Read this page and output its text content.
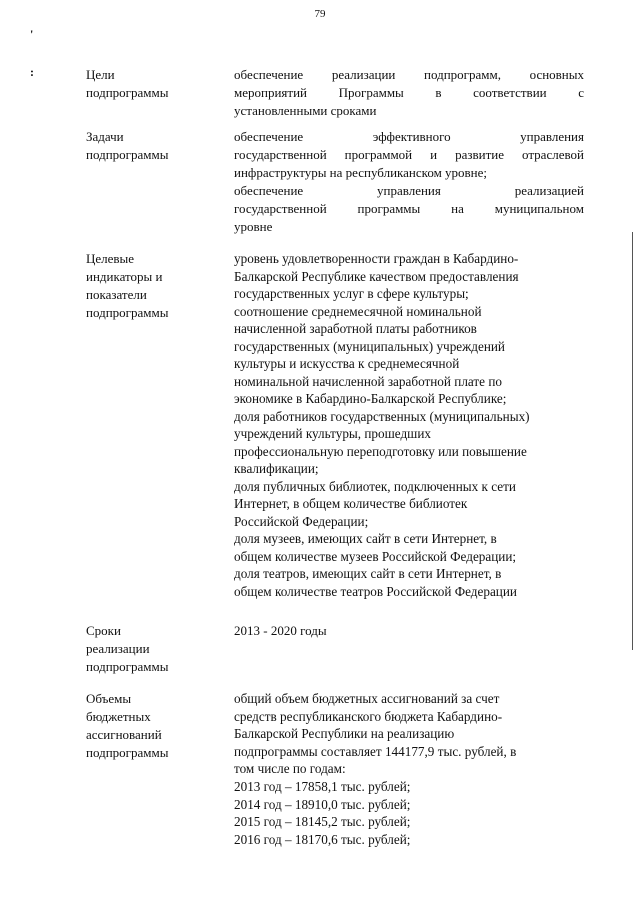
79
'
:	Цели
подпрограммы
обеспечение реализации подпрограмм, основных
мероприятий Программы в соответствии с
установленными сроками
Задачи
подпрограммы
обеспечение эффективного управления
государственной программой и развитие отраслевой
инфраструктуры на республиканском уровне;
обеспечение управления реализацией
государственной программы на муниципальном
уровне
Целевые
индикаторы и
показатели
подпрограммы
уровень удовлетворенности граждан в Кабардино-
Балкарской Республике качеством предоставления
государственных услуг в сфере культуры;
соотношение среднемесячной номинальной
начисленной заработной платы работников
государственных (муниципальных) учреждений
культуры и искусства к среднемесячной
номинальной начисленной заработной плате по
экономике в Кабардино-Балкарской Республике;
доля работников государственных (муниципальных)
учреждений культуры, прошедших
профессиональную переподготовку или повышение
квалификации;
доля публичных библиотек, подключенных к сети
Интернет, в общем количестве библиотек
Российской Федерации;
доля музеев, имеющих сайт в сети Интернет, в
общем количестве музеев Российской Федерации;
доля театров, имеющих сайт в сети Интернет, в
общем количестве театров Российской Федерации
Сроки
реализации
подпрограммы
2013 - 2020 годы
Объемы
бюджетных
ассигнований
подпрограммы
общий объем бюджетных ассигнований за счет
средств республиканского бюджета Кабардино-
Балкарской Республики на реализацию
подпрограммы составляет 144177,9 тыс. рублей, в
том числе по годам:
2013 год – 17858,1 тыс. рублей;
2014 год – 18910,0 тыс. рублей;
2015 год – 18145,2 тыс. рублей;
2016 год – 18170,6 тыс. рублей;
